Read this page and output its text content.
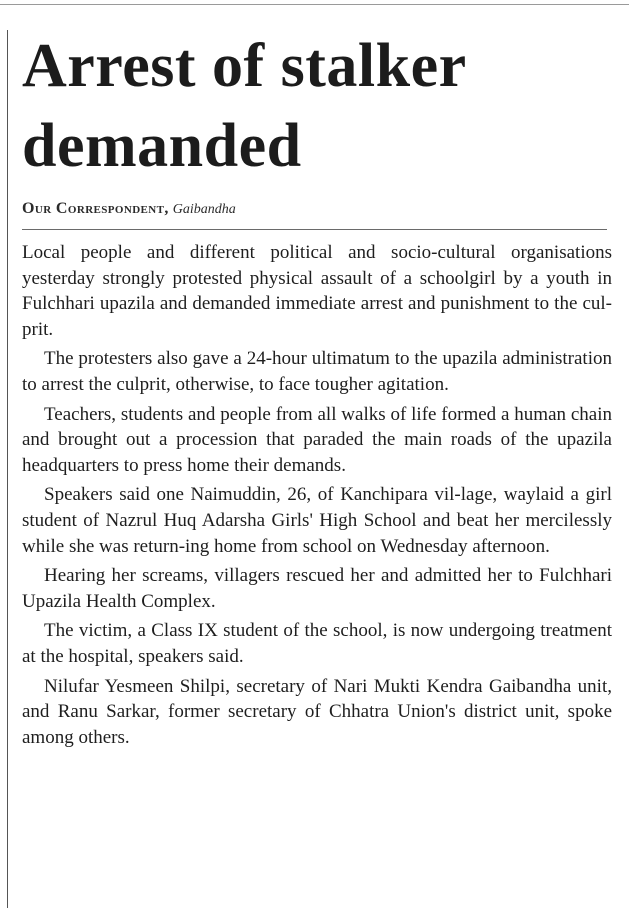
Arrest of stalker demanded
Our Correspondent, Gaibandha

Local people and different political and socio-cultural organisations yesterday strongly protested physical assault of a schoolgirl by a youth in Fulchhari upazila and demanded immediate arrest and punishment to the cul-prit.

The protesters also gave a 24-hour ultimatum to the upazila administration to arrest the culprit, otherwise, to face tougher agitation.

Teachers, students and people from all walks of life formed a human chain and brought out a procession that paraded the main roads of the upazila headquarters to press home their demands.

Speakers said one Naimuddin, 26, of Kanchipara vil-lage, waylaid a girl student of Nazrul Huq Adarsha Girls' High School and beat her mercilessly while she was return-ing home from school on Wednesday afternoon.

Hearing her screams, villagers rescued her and admitted her to Fulchhari Upazila Health Complex.

The victim, a Class IX student of the school, is now undergoing treatment at the hospital, speakers said.

Nilufar Yesmeen Shilpi, secretary of Nari Mukti Kendra Gaibandha unit, and Ranu Sarkar, former secretary of Chhatra Union's district unit, spoke among others.
